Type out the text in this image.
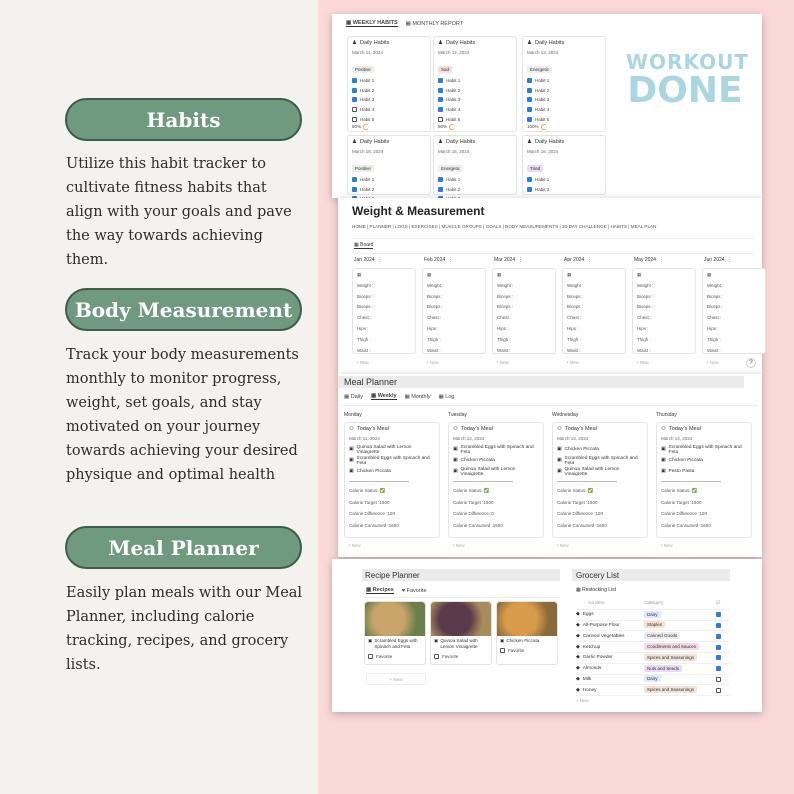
Habits
Utilize this habit tracker to cultivate fitness habits that align with your goals and pave the way towards achieving them.
Body Measurement
Track your body measurements monthly to monitor progress, weight, set goals, and stay motivated on your journey towards achieving your desired physique and optimal health
Meal Planner
Easily plan meals with our Meal Planner, including calorie tracking, recipes, and grocery lists.
▦ WEEKLY HABITS ▦ MONTHLY REPORT
WORKOUT
DONE
♟ Daily Habits
March 11, 2024
Positive
Habit 1
Habit 2
Habit 3
Habit 4
Habit 5
60%
♟ Daily Habits
March 12, 2024
Sad
Habit 1
Habit 2
Habit 3
Habit 4
Habit 5
80%
♟ Daily Habits
March 13, 2024
Energetic
Habit 1
Habit 2
Habit 3
Habit 4
Habit 5
100%
♟ Daily Habits
March 18, 2024
Positive
Habit 1
Habit 2
♟ Daily Habits
March 15, 2024
Energetic
Habit 1
Habit 2
♟ Daily Habits
March 16, 2024
Tired
Habit 1
Habit 2
Weight & Measurement
HOME | PLANNER | LOGS | EXERCISES | MUSCLE GROUPS | GOALS | BODY MEASUREMENTS | 30-DAY CHALLENGE | HABITS | MEAL PLAN
▦ Board
Jan 2024  ⋮
▦
Weight :
Biceps :
Biceps :
Chest :
Hips :
Thigh :
Waist :
+ New
Feb 2024  ⋮
▦
Weight :
Biceps :
Biceps :
Chest :
Hips :
Thigh :
Waist :
+ New
Mar 2024  ⋮
▦
Weight :
Biceps :
Biceps :
Chest :
Hips :
Thigh :
Waist :
+ New
Apr 2024  ⋮
▦
Weight :
Biceps :
Biceps :
Chest :
Hips :
Thigh :
Waist :
+ New
May 2024  ⋮
▦
Weight :
Biceps :
Biceps :
Chest :
Hips :
Thigh :
Waist :
+ New
Jun 2024  ⋮
▦
Weight :
Biceps :
Biceps :
Chest :
Hips :
Thigh :
Waist :
+ New	?
Meal Planner
▦ Daily ▦ Weekly ▦ Monthly ▦ Log
Monday
⚇ Today's Meal
March 11, 2024
▣ Quinoa Salad with Lemon Vinaigrette
▣ Scrambled Eggs with Spinach and Feta
▣ Chicken Piccata
Calorie Status: ✅
Calorie Target :1500
Calorie Difference :100
Calorie Consumed :1600
+ New
Tuesday
⚇ Today's Meal
March 12, 2024
▣ Scrambled Eggs with Spinach and Feta
▣ Chicken Piccata
▣ Quinoa Salad with Lemon Vinaigrette
Calorie Status: ✅
Calorie Target :1500
Calorie Difference :0
Calorie Consumed :1500
+ New
Wednesday
⚇ Today's Meal
March 13, 2024
▣ Chicken Piccata
▣ Scrambled Eggs with Spinach and Feta
▣ Quinoa Salad with Lemon Vinaigrette
Calorie Status: ✅
Calorie Target :1500
Calorie Difference :100
Calorie Consumed :1600
+ New
Thursday
⚇ Today's Meal
March 14, 2024
▣ Scrambled Eggs with Spinach and Feta
▣ Chicken Piccata
▣ Pesto Pasta
Calorie Status: ✅
Calorie Target :1500
Calorie Difference :100
Calorie Consumed :1600
+ New
Recipe Planner
▦ Recipes ♥ Favorite
▣ Scrambled Eggs with Spinach and Feta
Favorite
▣ Quinoa Salad with Lemon Vinaigrette
Favorite
▣ Chicken Piccata
Favorite
+ New
Grocery List
▦ Restocking List
Aa Item	Category	☑
◆ Eggs	Dairy
◆ All-Purpose Flour	Staples
◆ Canned Vegetables	Canned Goods
◆ Ketchup	Condiments and Sauces
◆ Garlic Powder	Spices and Seasonings
◆ Almonds	Nuts and Seeds
◆ Milk	Dairy
◆ Honey	Spices and Seasonings
+ New
